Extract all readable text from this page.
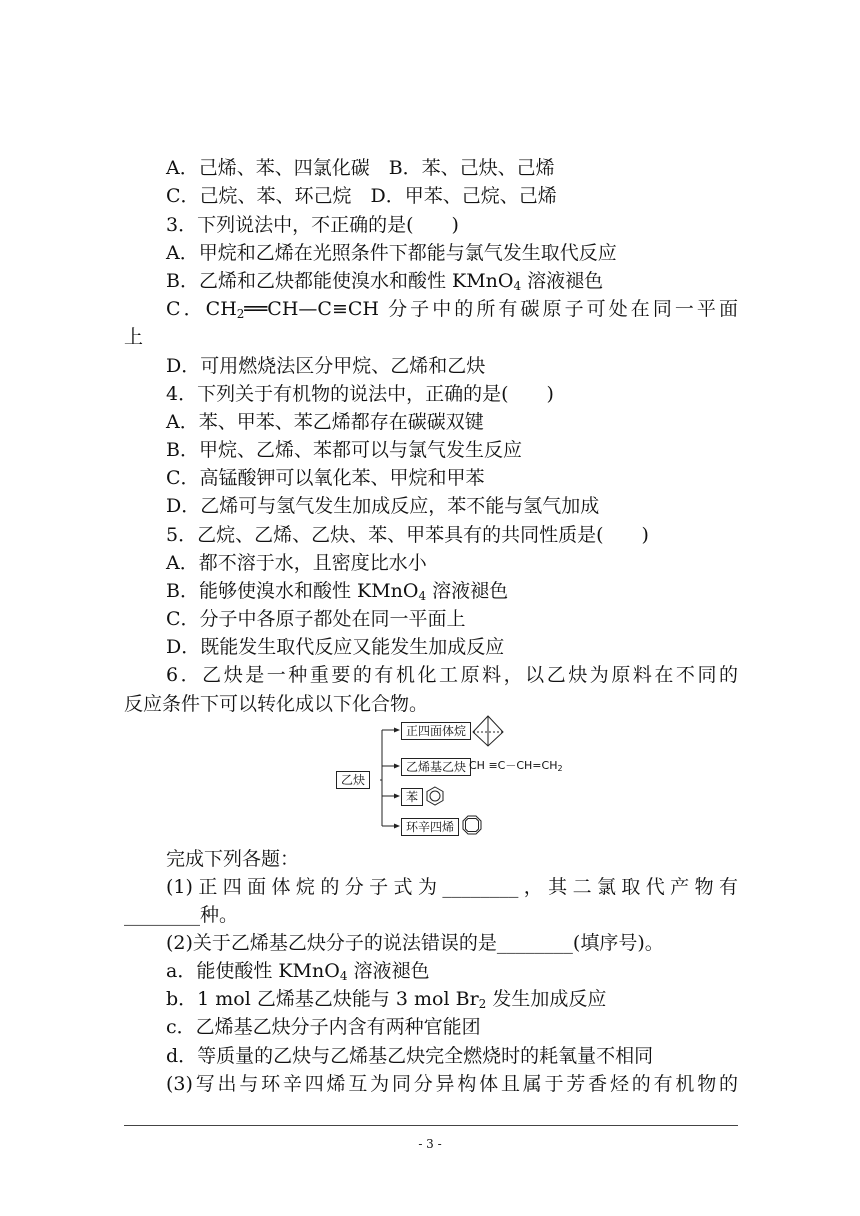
A．己烯、苯、四氯化碳　B．苯、己炔、己烯
C．己烷、苯、环己烷　D．甲苯、己烷、己烯
3．下列说法中，不正确的是(　　)
A．甲烷和乙烯在光照条件下都能与氯气发生取代反应
B．乙烯和乙炔都能使溴水和酸性 KMnO$_4$ 溶液褪色
C．$CH_2══CH—C\equiv CH$ 分子中的所有碳原子可处在同一平面
上
D．可用燃烧法区分甲烷、乙烯和乙炔
4．下列关于有机物的说法中，正确的是(　　)
A．苯、甲苯、苯乙烯都存在碳碳双键
B．甲烷、乙烯、苯都可以与氯气发生反应
C．高锰酸钾可以氧化苯、甲烷和甲苯
D．乙烯可与氢气发生加成反应，苯不能与氢气加成
5．乙烷、乙烯、乙炔、苯、甲苯具有的共同性质是(　　)
A．都不溶于水，且密度比水小
B．能够使溴水和酸性 KMnO$_4$ 溶液褪色
C．分子中各原子都处在同一平面上
D．既能发生取代反应又能发生加成反应
6．乙炔是一种重要的有机化工原料，以乙炔为原料在不同的
反应条件下可以转化成以下化合物。
乙炔
正四面体烷
乙烯基乙炔 CH $\equiv C-CH=CH_2$
苯
环辛四烯
完成下列各题：
(1)正四面体烷的分子式为________，其二氯取代产物有
________种。
(2)关于乙烯基乙炔分子的说法错误的是________(填序号)。
a．能使酸性 KMnO$_4$ 溶液褪色
b．1 mol 乙烯基乙炔能与 3 mol $Br_2$ 发生加成反应
c．乙烯基乙炔分子内含有两种官能团
d．等质量的乙炔与乙烯基乙炔完全燃烧时的耗氧量不相同
(3)写出与环辛四烯互为同分异构体且属于芳香烃的有机物的
- 3 -
